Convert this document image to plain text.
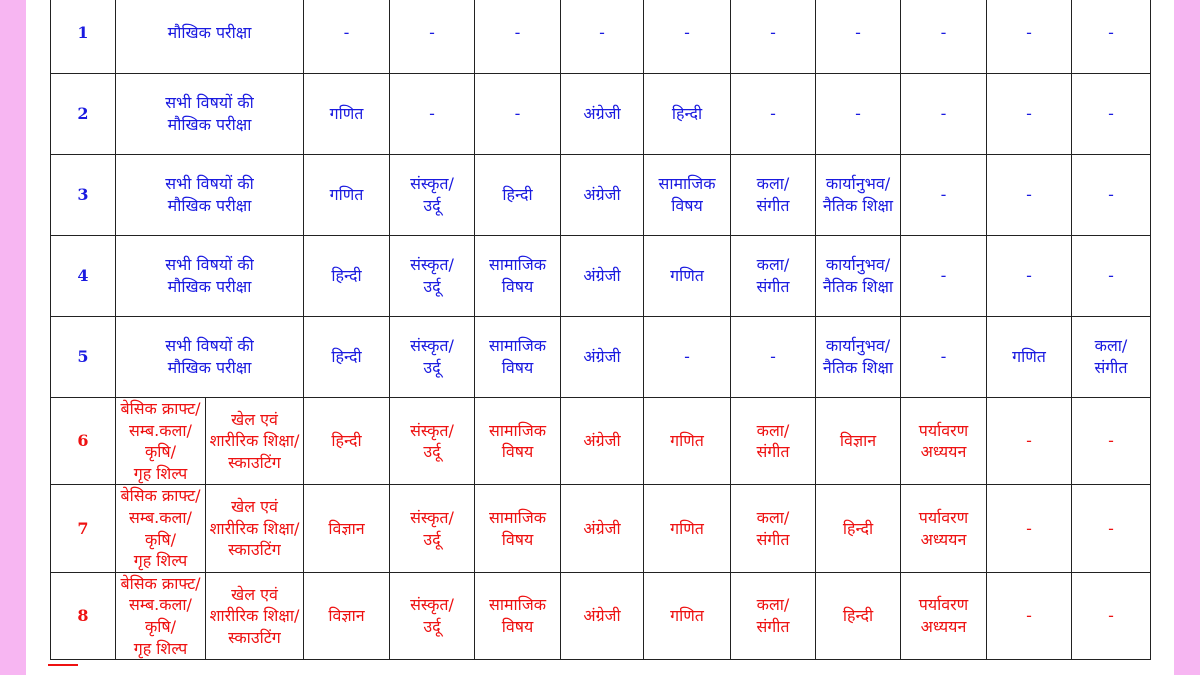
1	मौखिक परीक्षा		-	-	-	-	-	-	-	-	-	-
2	सभी विषयों की
मौखिक परीक्षा		गणित	-	-	अंग्रेजी	हिन्दी	-	-	-	-	-
3	सभी विषयों की
मौखिक परीक्षा		गणित	संस्कृत/
उर्दू	हिन्दी	अंग्रेजी	सामाजिक
विषय	कला/
संगीत	कार्यानुभव/
नैतिक शिक्षा	-	-	-
4	सभी विषयों की
मौखिक परीक्षा		हिन्दी	संस्कृत/
उर्दू	सामाजिक
विषय	अंग्रेजी	गणित	कला/
संगीत	कार्यानुभव/
नैतिक शिक्षा	-	-	-
5	सभी विषयों की
मौखिक परीक्षा		हिन्दी	संस्कृत/
उर्दू	सामाजिक
विषय	अंग्रेजी	-	-	कार्यानुभव/
नैतिक शिक्षा	-	गणित	कला/
संगीत
6	बेसिक क्राफ्ट/
सम्ब.कला/
कृषि/
गृह शिल्प	खेल एवं
शारीरिक शिक्षा/
स्काउटिंग	हिन्दी	संस्कृत/
उर्दू	सामाजिक
विषय	अंग्रेजी	गणित	कला/
संगीत	विज्ञान	पर्यावरण
अध्ययन	-	-
7	बेसिक क्राफ्ट/
सम्ब.कला/
कृषि/
गृह शिल्प	खेल एवं
शारीरिक शिक्षा/
स्काउटिंग	विज्ञान	संस्कृत/
उर्दू	सामाजिक
विषय	अंग्रेजी	गणित	कला/
संगीत	हिन्दी	पर्यावरण
अध्ययन	-	-
8	बेसिक क्राफ्ट/
सम्ब.कला/
कृषि/
गृह शिल्प	खेल एवं
शारीरिक शिक्षा/
स्काउटिंग	विज्ञान	संस्कृत/
उर्दू	सामाजिक
विषय	अंग्रेजी	गणित	कला/
संगीत	हिन्दी	पर्यावरण
अध्ययन	-	-
